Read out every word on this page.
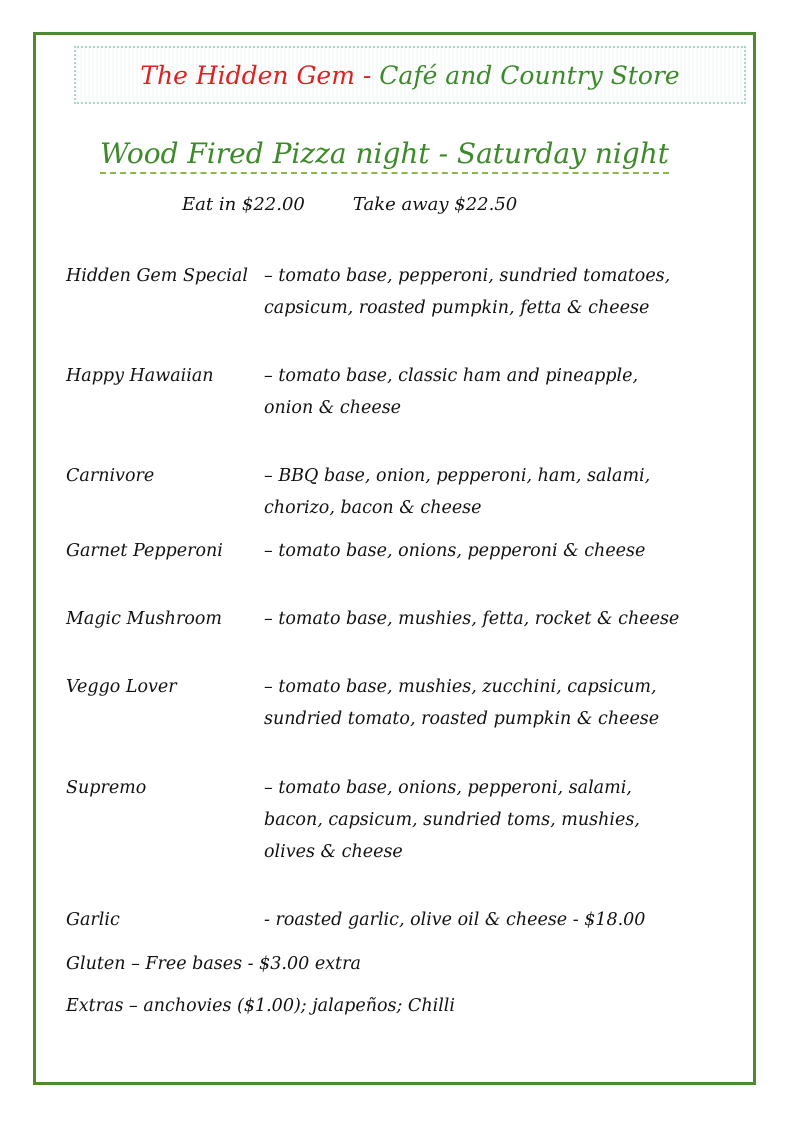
The Hidden Gem - Café and Country Store
Wood Fired Pizza night - Saturday night
Eat in $22.00	Take away $22.50
Hidden Gem Special – tomato base, pepperoni, sundried tomatoes,
capsicum, roasted pumpkin, fetta & cheese
Happy Hawaiian	– tomato base, classic ham and pineapple,
onion & cheese
Carnivore	– BBQ base, onion, pepperoni, ham, salami,
chorizo, bacon & cheese
Garnet Pepperoni – tomato base, onions, pepperoni & cheese
Magic Mushroom – tomato base, mushies, fetta, rocket & cheese
Veggo Lover	– tomato base, mushies, zucchini, capsicum,
sundried tomato, roasted pumpkin & cheese
Supremo	– tomato base, onions, pepperoni, salami,
bacon, capsicum, sundried toms, mushies,
olives & cheese
Garlic	- roasted garlic, olive oil & cheese - $18.00
Gluten – Free bases - $3.00 extra
Extras – anchovies ($1.00); jalapeños; Chilli
